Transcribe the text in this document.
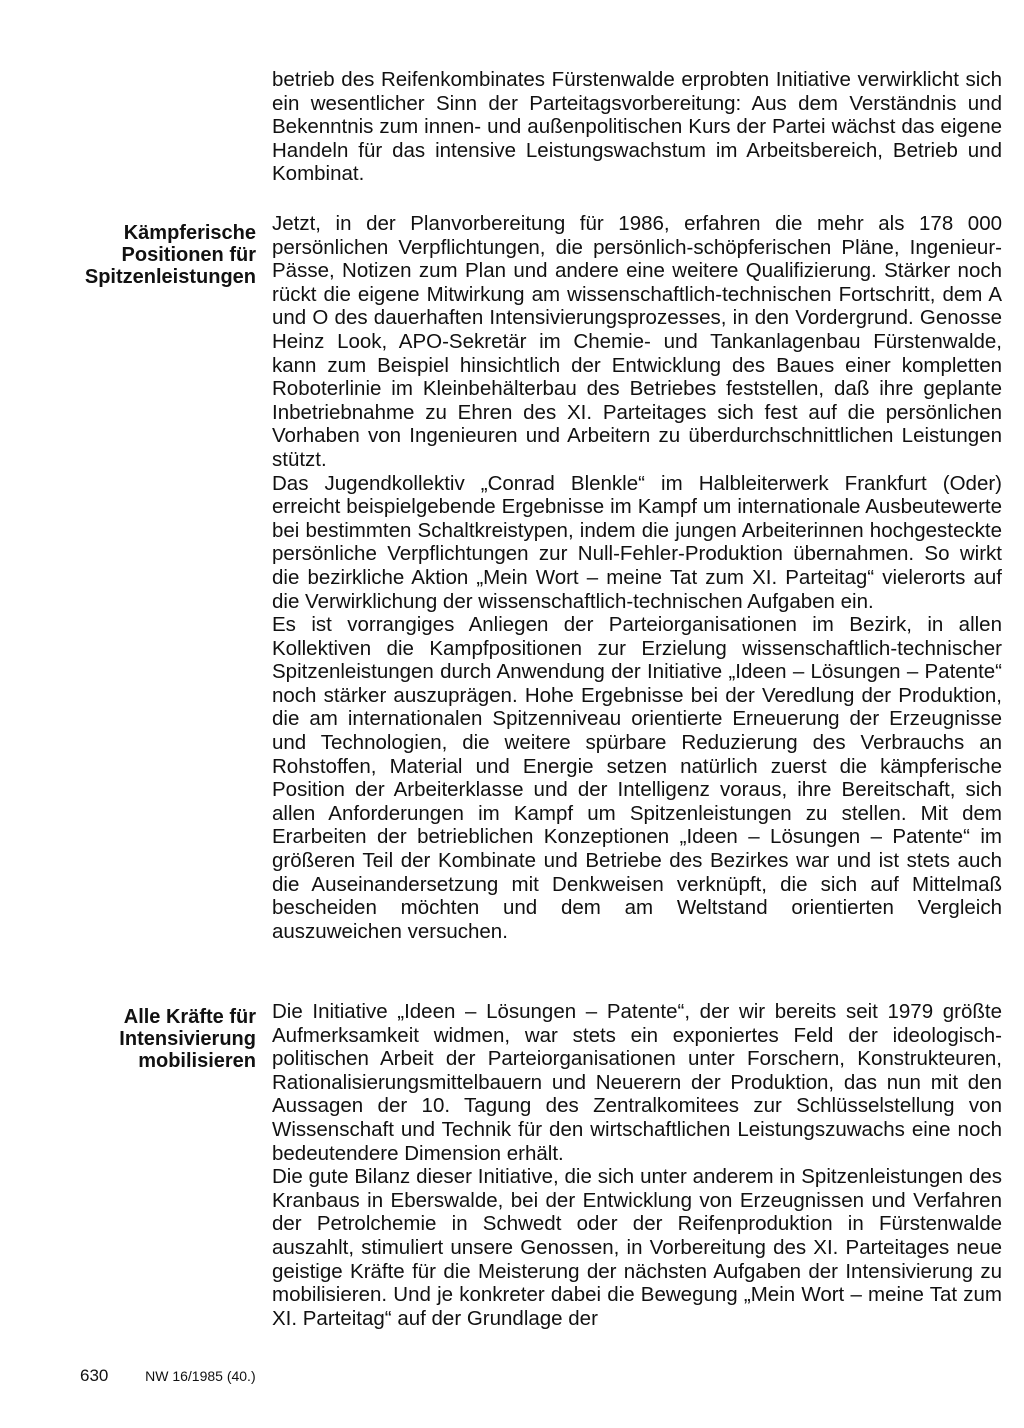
betrieb des Reifenkombinates Fürstenwalde erprobten Initiative verwirklicht sich ein wesentlicher Sinn der Parteitagsvorbereitung: Aus dem Verständnis und Bekenntnis zum innen- und außenpolitischen Kurs der Partei wächst das eigene Handeln für das intensive Leistungswachstum im Arbeitsbereich, Betrieb und Kombinat.

Kämpferische
Positionen für
Spitzenleistungen

Jetzt, in der Planvorbereitung für 1986, erfahren die mehr als 178 000 persönlichen Verpflichtungen, die persönlich-schöpferischen Pläne, Ingenieur-Pässe, Notizen zum Plan und andere eine weitere Qualifizierung. Stärker noch rückt die eigene Mitwirkung am wissenschaftlich-technischen Fortschritt, dem A und O des dauerhaften Intensivierungsprozesses, in den Vordergrund. Genosse Heinz Look, APO-Sekretär im Chemie- und Tankanlagenbau Fürstenwalde, kann zum Beispiel hinsichtlich der Entwicklung des Baues einer kompletten Roboterlinie im Kleinbehälterbau des Betriebes feststellen, daß ihre geplante Inbetriebnahme zu Ehren des XI. Parteitages sich fest auf die persönlichen Vorhaben von Ingenieuren und Arbeitern zu überdurchschnittlichen Leistungen stützt.

Das Jugendkollektiv „Conrad Blenkle“ im Halbleiterwerk Frankfurt (Oder) erreicht beispielgebende Ergebnisse im Kampf um internationale Ausbeutewerte bei bestimmten Schaltkreistypen, indem die jungen Arbeiterinnen hochgesteckte persönliche Verpflichtungen zur Null-Fehler-Produktion übernahmen. So wirkt die bezirkliche Aktion „Mein Wort – meine Tat zum XI. Parteitag“ vielerorts auf die Verwirklichung der wissenschaftlich-technischen Aufgaben ein.

Es ist vorrangiges Anliegen der Parteiorganisationen im Bezirk, in allen Kollektiven die Kampfpositionen zur Erzielung wissenschaftlich-technischer Spitzenleistungen durch Anwendung der Initiative „Ideen – Lösungen – Patente“ noch stärker auszuprägen. Hohe Ergebnisse bei der Veredlung der Produktion, die am internationalen Spitzenniveau orientierte Erneuerung der Erzeugnisse und Technologien, die weitere spürbare Reduzierung des Verbrauchs an Rohstoffen, Material und Energie setzen natürlich zuerst die kämpferische Position der Arbeiterklasse und der Intelligenz voraus, ihre Bereitschaft, sich allen Anforderungen im Kampf um Spitzenleistungen zu stellen. Mit dem Erarbeiten der betrieblichen Konzeptionen „Ideen – Lösungen – Patente“ im größeren Teil der Kombinate und Betriebe des Bezirkes war und ist stets auch die Auseinandersetzung mit Denkweisen verknüpft, die sich auf Mittelmaß bescheiden möchten und dem am Weltstand orientierten Vergleich auszuweichen versuchen.

Alle Kräfte für
Intensivierung
mobilisieren

Die Initiative „Ideen – Lösungen – Patente“, der wir bereits seit 1979 größte Aufmerksamkeit widmen, war stets ein exponiertes Feld der ideologisch-politischen Arbeit der Parteiorganisationen unter Forschern, Konstrukteuren, Rationalisierungsmittelbauern und Neuerern der Produktion, das nun mit den Aussagen der 10. Tagung des Zentralkomitees zur Schlüsselstellung von Wissenschaft und Technik für den wirtschaftlichen Leistungszuwachs eine noch bedeutendere Dimension erhält.

Die gute Bilanz dieser Initiative, die sich unter anderem in Spitzenleistungen des Kranbaus in Eberswalde, bei der Entwicklung von Erzeugnissen und Verfahren der Petrolchemie in Schwedt oder der Reifenproduktion in Fürstenwalde auszahlt, stimuliert unsere Genossen, in Vorbereitung des XI. Parteitages neue geistige Kräfte für die Meisterung der nächsten Aufgaben der Intensivierung zu mobilisieren. Und je konkreter dabei die Bewegung „Mein Wort – meine Tat zum XI. Parteitag“ auf der Grundlage der

630	NW 16/1985 (40.)
